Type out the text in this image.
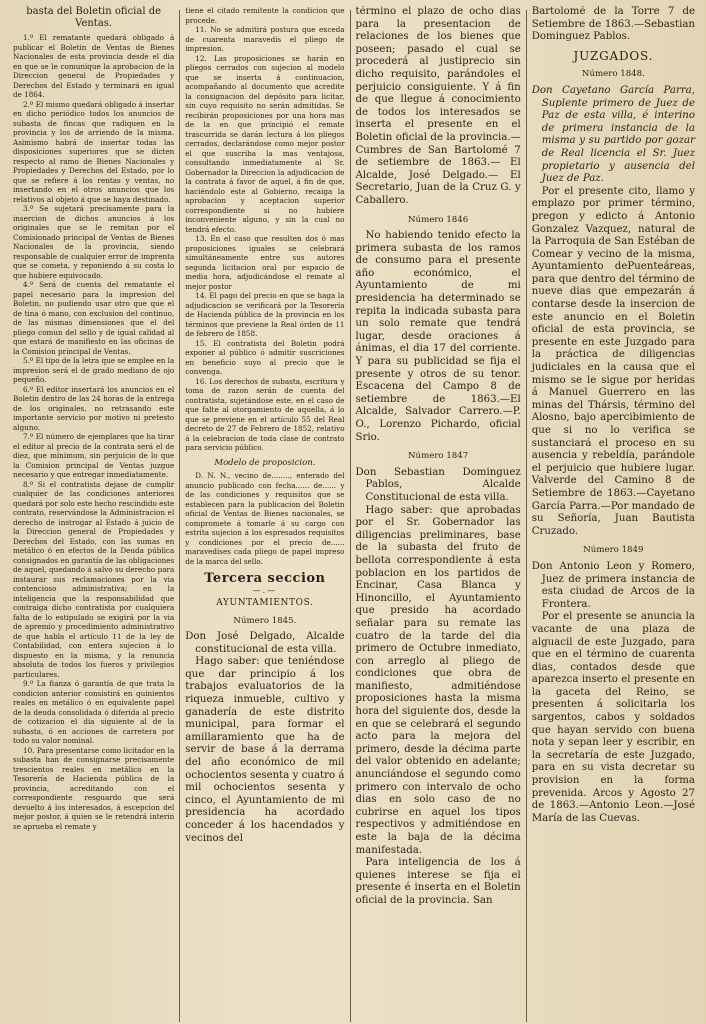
basta del Boletin oficial de Ventas.

1.º El rematante quedará obligado á publicar el Boletin de Ventas de Bienes Nacionales de esta provincia desde el dia en que se le comunique la aprobacion de la Direccion general de Propiedades y Derechos del Estado y terminará en igual de 1864.

2.º El mismo quedará obligado á insertar en dicho periódico todos los anuncios de subasta de fincas que radiquen en la provincia y los de arriendo de la misma. Asimismo habrá de insertar todas las disposiciones superiores que se dicten respecto al ramo de Bienes Nacionales y Propiedades y Derechos del Estado, por lo que se refiere á los rentas y ventas, no insertando en el otros anuncios que los relativos al objeto á que se haya destinado.

3.º Se sujetará precisamente para la insercion de dichos anuncios á los originales que se le remitan por el Comisionado principal de Ventas de Bienes Nacionales de la provincia, siendo responsable de cualquier error de imprenta que se cometa, y reponiendo á su costa lo que hubiere equivocado.

4.º Será de cuenta del rematante el papel necesario para la impresion del Boletin, no pudiendo usar otro que que el de tina ó mano, con exclusion del continuo, de las mismas dimensiones que el del pliego comun del sello y de igual calidad al que estará de manifiesto en las oficinas de la Comision principal de Ventas.

5.º El tipo de la letra que se emplee en la impresion será el de grado mediano de ojo pequeño.

6.º El editor insertará los anuncios en el Boletin dentro de las 24 horas de la entrega de los originales, no retrasando este importante servicio por motivo ni pretesto alguno.

7.º El número de ejemplares que ha tirar el editor al precio de la contrata será el de diez, que mínimum, sin perjuicio de lo que la Comision principal de Ventas juzgue necesario y que entregar inmediatamente.

8.º Si el contratista dejase de cumplir cualquier de las condiciones anteriores quedará por solo este hecho rescindido este contrato, reservándose la Administracion el derecho de instrogar al Estado á juicio de la Direccion general de Propiedades y Derechos del Estado, con las sumas en metálico ó en efectos de la Deuda pública consignados en garantía de las obligaciones de aquel, quedando á salvo su derecho para instaurar sus reclamaciones por la via contencioso administrativa; en la inteligencia que la responsabilidad que contraiga dicho contratista por cualquiera falta de lo estipulado se exigirá por la via de apremio y procedimiento administrativo de que habla el artículo 11 de la ley de Contabilidad, con entera sujecion á lo dispuesto en la misma, y la renuncia absoluta de todos los fueros y privilegios particulares.

9.º La fianza ó garantía de que trata la condicion anterior consistirá en quinientos reales en metálico ó en equivalente papel de la deuda consolidada ó diferida al precio de cotizacion el dia siguiente al de la subasta, ó en acciones de carretera por todo su valor nominal.

10. Para presentarse como licitador en la subasta han de consignarse precisamente trescientos reales en metálico en la Tesorería de Hacienda pública de la provincia, acreditando con el correspondiente resguardo que será devuelto á los interesados, á escepcion del mejor postor, á quien se le retendrá interin se aprueba el remate y

tiene el citado remitente la condicion que procede.

11. No se admitirá postura que exceda de cuarenta maravedís el pliego de impresion.

12. Las proposiciones se harán en pliegos cerrados con sujecion al modelo que se inserta á continuacion, acompañando al documento que acredite la consignacion del depósito para licitar, sin cuyo requisito no serán admitidas. Se recibirán proposiciones por una hora mas de la en que principió el remate trascurrida se darán lectura á los pliegos cerrados, declarándose como mejor postor el que suscriba la mas ventajosa, consultando inmediatamente al Sr. Gobernador la Direccion la adjudicacion de la contrata á favor de aquel, á fin de que, haciéndolo este al Gobierno, recaiga la aprobacion y aceptacion superior correspondiente si no hubiere inconveniente alguno, y sin la cual no tendrá efecto.

13. En el caso que resulten dos ó mas proposiciones iguales se celebrará simultáneamente entre sus autores segunda licitacion oral por espacio de media hora, adjudicándose el remate al mejor postor

14. El pago del precio en que se haga la adjudicacion se verificará por la Tesorería de Hacienda pública de la provincia en los términos que previene la Real órden de 11 de febrero de 1858.

15. El contratista del Boletin podrá exponer al público ó admitir suscriciones en beneficio suyo al precio que le convenga.

16. Los derechos de subasta, escritura y toma de razon serán de cuenta del contratista, sujetándose este, en el caso de que falte al otorgamiento de aquella, á lo que se previene en el artículo 55 del Real decreto de 27 de Febrero de 1852, relativo á la celebracion de toda clase de contrato para servicio público.

Modelo de proposicion.

D. N. N., vecino de........, enterado del anuncio publicado con fecha...... de...... y de las condiciones y requisitos que se establecen para la publicacion del Boletin oficial de Ventas de Bienes nacionales, se compromete á tomarle á su cargo con estrita sujecion á los espresados requisitos y condiciones por el precio de...... maravedises cada pliego de papel impreso de la marca del sello.

Tercera seccion

—.—

AYUNTAMIENTOS.

Número 1845.

Don José Delgado, Alcalde constitucional de esta villa.

Hago saber: que teniéndose que dar principio á los trabajos evaluatorios de la riqueza inmueble, cultivo y ganadería de este distrito municipal, para formar el amillaramiento que ha de servir de base á la derrama del año económico de mil ochocientos sesenta y cuatro á mil ochocientos sesenta y cinco, el Ayuntamiento de mi presidencia ha acordado conceder á los hacendados y vecinos del

término el plazo de ocho dias para la presentacion de relaciones de los bienes que poseen; pasado el cual se procederá al justiprecio sin dicho requisito, parándoles el perjuicio consiguiente. Y á fin de que llegue á conocimiento de todos los interesados se inserta el presente en el Boletin oficial de la provincia.— Cumbres de San Bartolomé 7 de setiembre de 1863.— El Alcalde, José Delgado.— El Secretario, Juan de la Cruz G. y Caballero.

Número 1846

No habiendo tenido efecto la primera subasta de los ramos de consumo para el presente año económico, el Ayuntamiento de mi presidencia ha determinado se repita la indicada subasta para un solo remate que tendrá lugar, desde oraciones á ánimas, el dia 17 del corriente. Y para su publicidad se fija el presente y otros de su tenor. Escacena del Campo 8 de setiembre de 1863.—El Alcalde, Salvador Carrero.—P. O., Lorenzo Pichardo, oficial Srio.

Número 1847

Don Sebastian Dominguez Pablos, Alcalde Constitucional de esta villa.

Hago saber: que aprobadas por el Sr. Gobernador las diligencias preliminares, base de la subasta del fruto de bellota correspondiente á esta poblacion en los partidos de Encinar, Casa Blanca y Hinoncillo, el Ayuntamiento que presido ha acordado señalar para su remate las cuatro de la tarde del dia primero de Octubre inmediato, con arreglo al pliego de condiciones que obra de manifiesto, admitiéndose proposiciones hasta la misma hora del siguiente dos, desde la en que se celebrará el segundo acto para la mejora del primero, desde la décima parte del valor obtenido en adelante; anunciándose el segundo como primero con intervalo de ocho dias en solo caso de no cubrirse en aquel los tipos respectivos y admitiéndose en este la baja de la décima manifestada.

Para inteligencia de los á quienes interese se fija el presente é inserta en el Boletin oficial de la provincia. San

Bartolomé de la Torre 7 de Setiembre de 1863.—Sebastian Dominguez Pablos.

JUZGADOS.

Número 1848.

Don Cayetano García Parra, Suplente primero de Juez de Paz de esta villa, é interino de primera instancia de la misma y su partido por gozar de Real licencia el Sr. Juez propietario y ausencia del Juez de Paz.

Por el presente cito, llamo y emplazo por primer término, pregon y edicto á Antonio Gonzalez Vazquez, natural de la Parroquia de San Estéban de Comear y vecino de la misma, Ayuntamiento dePuenteáreas, para que dentro del término de nueve dias que empezarán á contarse desde la insercion de este anuncio en el Boletin oficial de esta provincia, se presente en este Juzgado para la práctica de diligencias judiciales en la causa que el mismo se le sigue por heridas á Manuel Guerrero en las minas del Thársis, término del Alosno, bajo apercibimiento de que si no lo verifica se sustanciará el proceso en su ausencia y rebeldía, parándole el perjuicio que hubiere lugar. Valverde del Camino 8 de Setiembre de 1863.—Cayetano García Parra.—Por mandado de su Señoría, Juan Bautista Cruzado.

Número 1849

Don Antonio Leon y Romero, Juez de primera instancia de esta ciudad de Arcos de la Frontera.

Por el presente se anuncia la vacante de una plaza de alguacil de este Juzgado, para que en el término de cuarenta dias, contados desde que aparezca inserto el presente en la gaceta del Reino, se presenten á solicitarla los sargentos, cabos y soldados que hayan servido con buena nota y sepan leer y escribir, en la secretaría de este Juzgado, para en su vista decretar su provision en la forma prevenida. Arcos y Agosto 27 de 1863.—Antonio Leon.—José María de las Cuevas.
